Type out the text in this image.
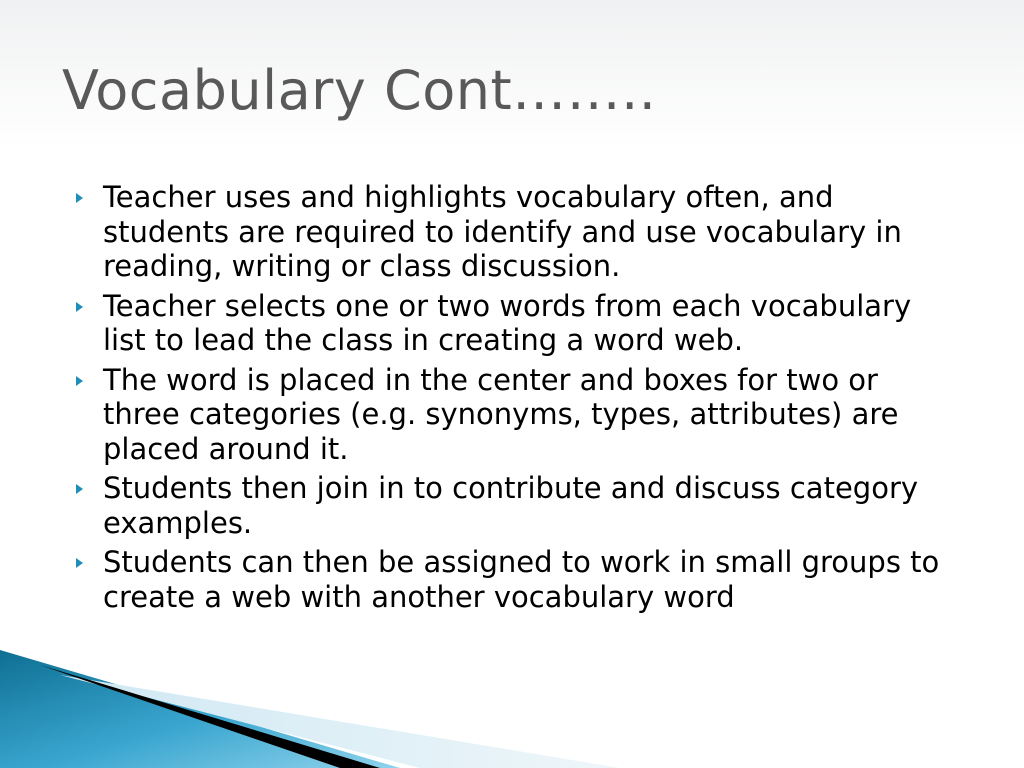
Vocabulary Cont……..
Teacher uses and highlights vocabulary often, and students are required to identify and use vocabulary in reading, writing or class discussion.
Teacher selects one or two words from each vocabulary list to lead the class in creating a word web.
The word is placed in the center and boxes for two or three categories (e.g. synonyms, types, attributes) are placed around it.
Students then join in to contribute and discuss category examples.
Students can then be assigned to work in small groups to create a web with another vocabulary word
